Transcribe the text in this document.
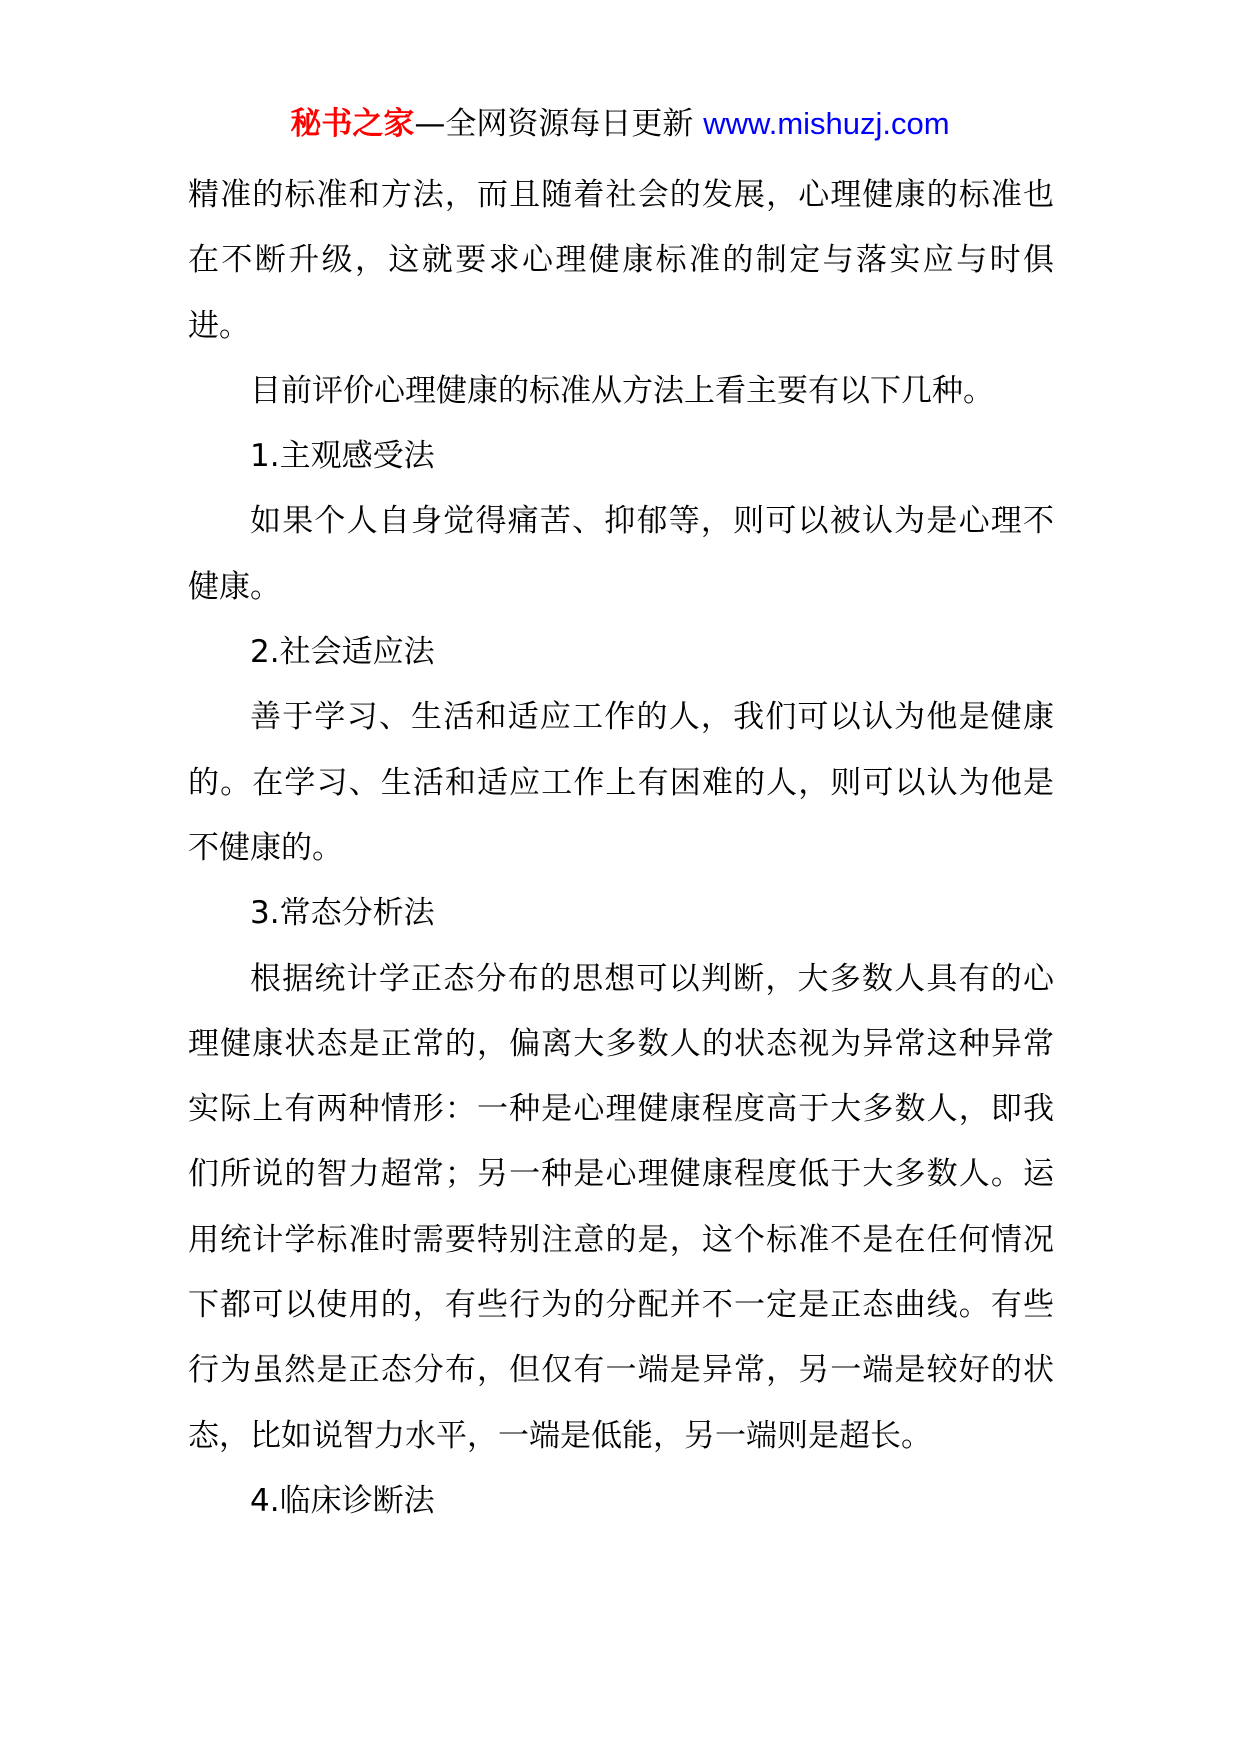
秘书之家—全网资源每日更新 www.mishuzj.com

精准的标准和方法，而且随着社会的发展，心理健康的标准也在不断升级，这就要求心理健康标准的制定与落实应与时俱进。

目前评价心理健康的标准从方法上看主要有以下几种。

1.主观感受法

如果个人自身觉得痛苦、抑郁等，则可以被认为是心理不健康。

2.社会适应法

善于学习、生活和适应工作的人，我们可以认为他是健康的。在学习、生活和适应工作上有困难的人，则可以认为他是不健康的。

3.常态分析法

根据统计学正态分布的思想可以判断，大多数人具有的心理健康状态是正常的，偏离大多数人的状态视为异常这种异常实际上有两种情形：一种是心理健康程度高于大多数人，即我们所说的智力超常；另一种是心理健康程度低于大多数人。运用统计学标准时需要特别注意的是，这个标准不是在任何情况下都可以使用的，有些行为的分配并不一定是正态曲线。有些行为虽然是正态分布，但仅有一端是异常，另一端是较好的状态，比如说智力水平，一端是低能，另一端则是超长。

4.临床诊断法
